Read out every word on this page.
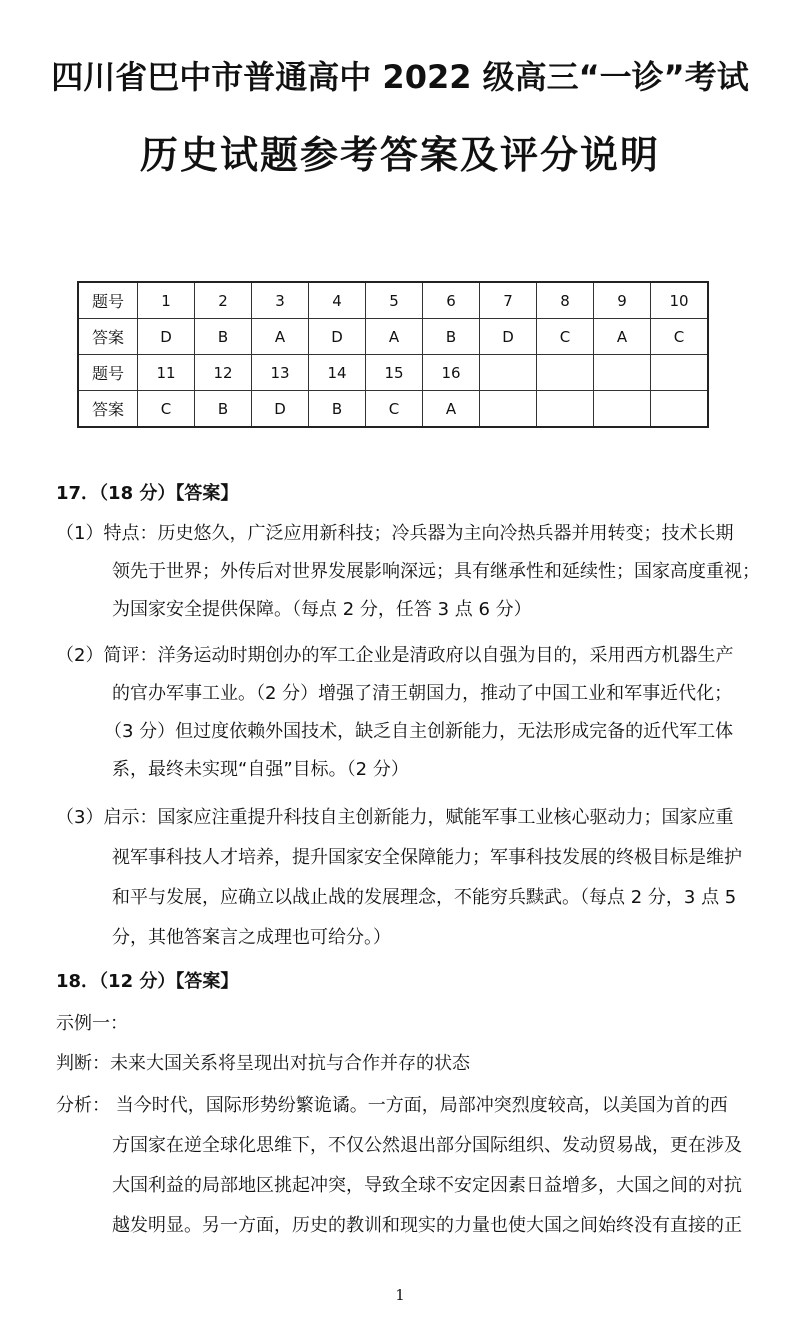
四川省巴中市普通高中 2022 级高三“一诊”考试
历史试题参考答案及评分说明
题号	1	2	3	4	5	6	7	8	9	10
答案	D	B	A	D	A	B	D	C	A	C
题号	11	12	13	14	15	16				
答案	C	B	D	B	C	A				
17．（18 分）【答案】
（1）特点：历史悠久，广泛应用新科技；冷兵器为主向冷热兵器并用转变；技术长期
领先于世界；外传后对世界发展影响深远；具有继承性和延续性；国家高度重视；
为国家安全提供保障。（每点 2 分，任答 3 点 6 分）
（2）简评：洋务运动时期创办的军工企业是清政府以自强为目的，采用西方机器生产
的官办军事工业。（2 分）增强了清王朝国力，推动了中国工业和军事近代化；
（3 分）但过度依赖外国技术，缺乏自主创新能力，无法形成完备的近代军工体
系，最终未实现“自强”目标。（2 分）
（3）启示：国家应注重提升科技自主创新能力，赋能军事工业核心驱动力；国家应重
视军事科技人才培养，提升国家安全保障能力；军事科技发展的终极目标是维护
和平与发展，应确立以战止战的发展理念，不能穷兵黩武。（每点 2 分，3 点 5
分，其他答案言之成理也可给分。）
18．（12 分）【答案】
示例一：
判断：未来大国关系将呈现出对抗与合作并存的状态
分析： 当今时代，国际形势纷繁诡谲。一方面，局部冲突烈度较高，以美国为首的西
方国家在逆全球化思维下，不仅公然退出部分国际组织、发动贸易战，更在涉及
大国利益的局部地区挑起冲突，导致全球不安定因素日益增多，大国之间的对抗
越发明显。另一方面，历史的教训和现实的力量也使大国之间始终没有直接的正
1
